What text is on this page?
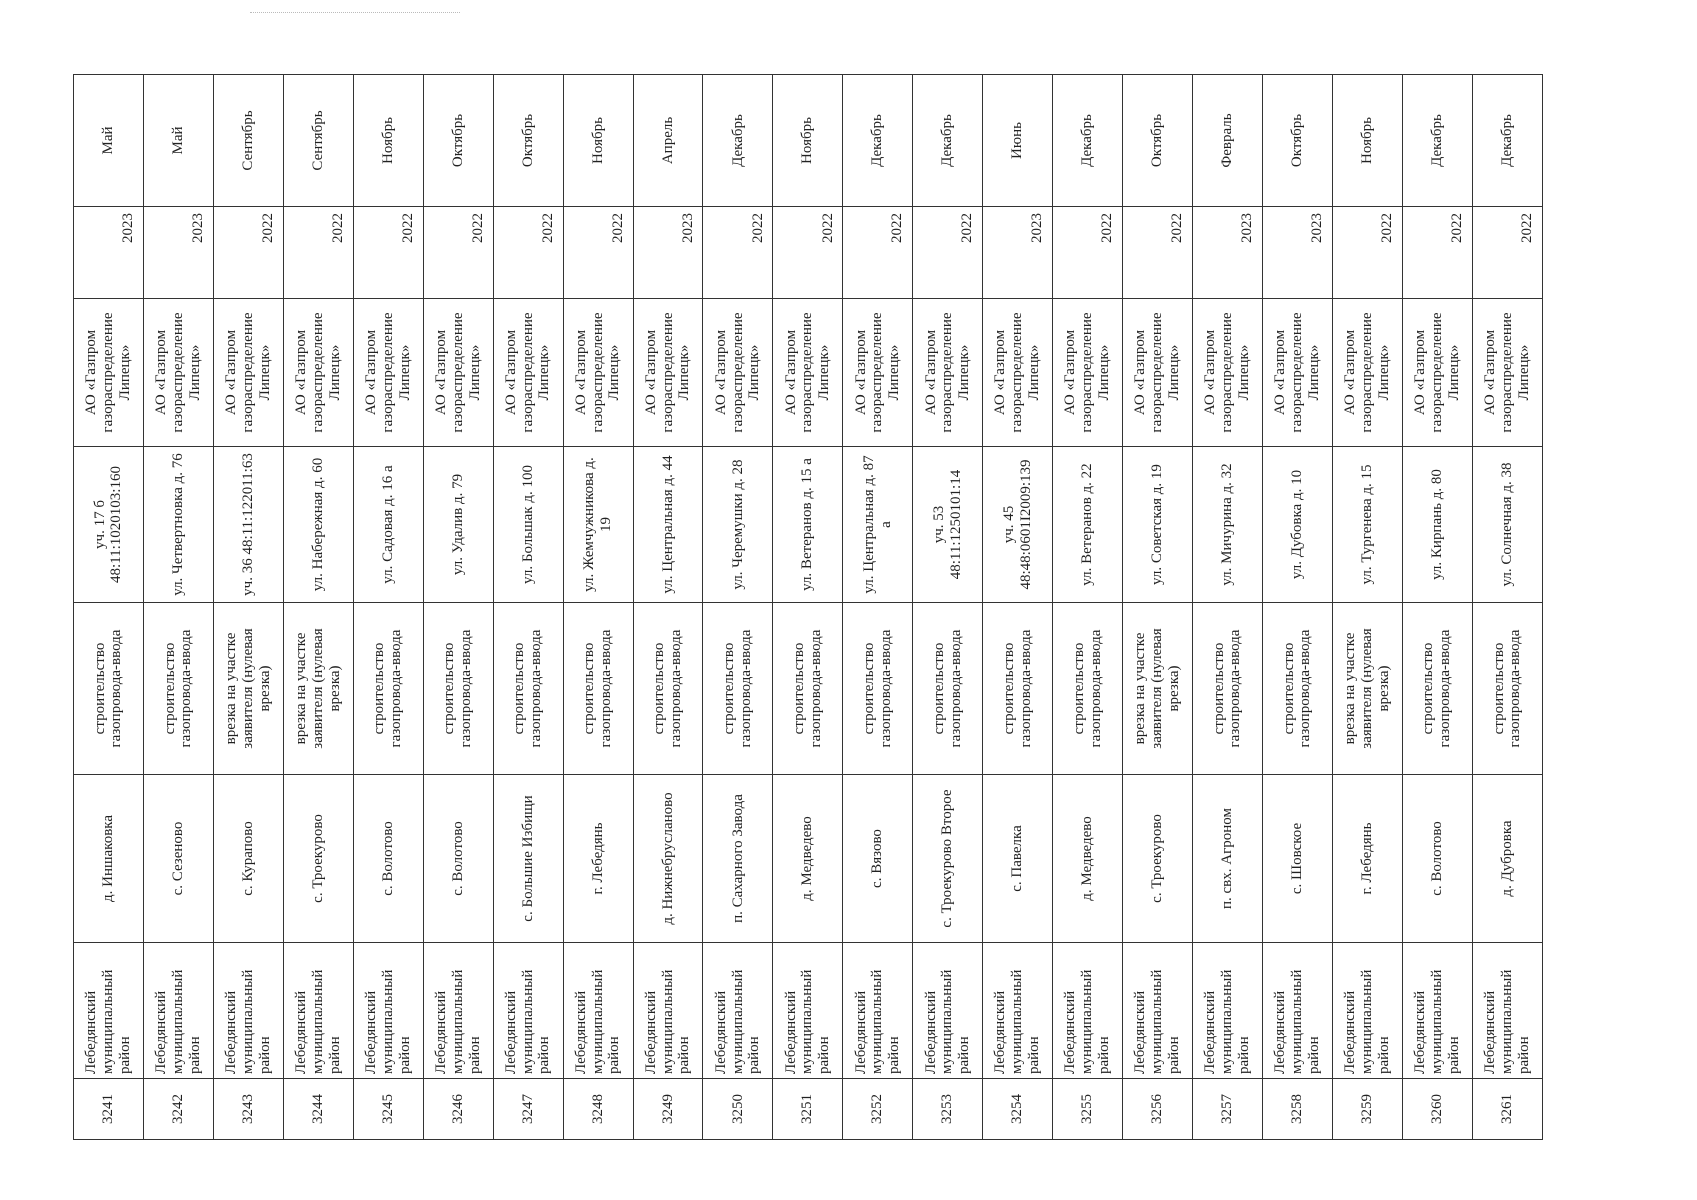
3241	Лебедянский муниципальный район	д. Иншаковка	строительство газопровода-ввода	уч. 17 б 48:11:1020103:160	АО «Газпром газораспределение Липецк»	2023	Май
3242	Лебедянский муниципальный район	с. Сезеново	строительство газопровода-ввода	ул. Четвертновка д. 76	АО «Газпром газораспределение Липецк»	2023	Май
3243	Лебедянский муниципальный район	с. Курапово	врезка на участке заявителя (нулевая врезка)	уч. 36 48:11:122011:63	АО «Газпром газораспределение Липецк»	2022	Сентябрь
3244	Лебедянский муниципальный район	с. Троекурово	врезка на участке заявителя (нулевая врезка)	ул. Набережная д. 60	АО «Газпром газораспределение Липецк»	2022	Сентябрь
3245	Лебедянский муниципальный район	с. Волотово	строительство газопровода-ввода	ул. Садовая д. 16 а	АО «Газпром газораспределение Липецк»	2022	Ноябрь
3246	Лебедянский муниципальный район	с. Волотово	строительство газопровода-ввода	ул. Удалив д. 79	АО «Газпром газораспределение Липецк»	2022	Октябрь
3247	Лебедянский муниципальный район	с. Большие Избищи	строительство газопровода-ввода	ул. Большак д. 100	АО «Газпром газораспределение Липецк»	2022	Октябрь
3248	Лебедянский муниципальный район	г. Лебедянь	строительство газопровода-ввода	ул. Жемчужникова д. 19	АО «Газпром газораспределение Липецк»	2022	Ноябрь
3249	Лебедянский муниципальный район	д. Нижнебрусланово	строительство газопровода-ввода	ул. Центральная д. 44	АО «Газпром газораспределение Липецк»	2023	Апрель
3250	Лебедянский муниципальный район	п. Сахарного Завода	строительство газопровода-ввода	ул. Черемушки д. 28	АО «Газпром газораспределение Липецк»	2022	Декабрь
3251	Лебедянский муниципальный район	д. Медведево	строительство газопровода-ввода	ул. Ветеранов д. 15 а	АО «Газпром газораспределение Липецк»	2022	Ноябрь
3252	Лебедянский муниципальный район	с. Вязово	строительство газопровода-ввода	ул. Центральная д. 87 а	АО «Газпром газораспределение Липецк»	2022	Декабрь
3253	Лебедянский муниципальный район	с. Троекурово Второе	строительство газопровода-ввода	уч. 53 48:11:1250101:14	АО «Газпром газораспределение Липецк»	2022	Декабрь
3254	Лебедянский муниципальный район	с. Павелка	строительство газопровода-ввода	уч. 45 48:48:0601I2009:139	АО «Газпром газораспределение Липецк»	2023	Июнь
3255	Лебедянский муниципальный район	д. Медведево	строительство газопровода-ввода	ул. Ветеранов д. 22	АО «Газпром газораспределение Липецк»	2022	Декабрь
3256	Лебедянский муниципальный район	с. Троекурово	врезка на участке заявителя (нулевая врезка)	ул. Советская д. 19	АО «Газпром газораспределение Липецк»	2022	Октябрь
3257	Лебедянский муниципальный район	п. свх. Агроном	строительство газопровода-ввода	ул. Мичурина д. 32	АО «Газпром газораспределение Липецк»	2023	Февраль
3258	Лебедянский муниципальный район	с. Шовское	строительство газопровода-ввода	ул. Дубовка д. 10	АО «Газпром газораспределение Липецк»	2023	Октябрь
3259	Лебедянский муниципальный район	г. Лебедянь	врезка на участке заявителя (нулевая врезка)	ул. Тургенева д. 15	АО «Газпром газораспределение Липецк»	2022	Ноябрь
3260	Лебедянский муниципальный район	с. Волотово	строительство газопровода-ввода	ул. Кирпань д. 80	АО «Газпром газораспределение Липецк»	2022	Декабрь
3261	Лебедянский муниципальный район	д. Дубровка	строительство газопровода-ввода	ул. Солнечная д. 38	АО «Газпром газораспределение Липецк»	2022	Декабрь
